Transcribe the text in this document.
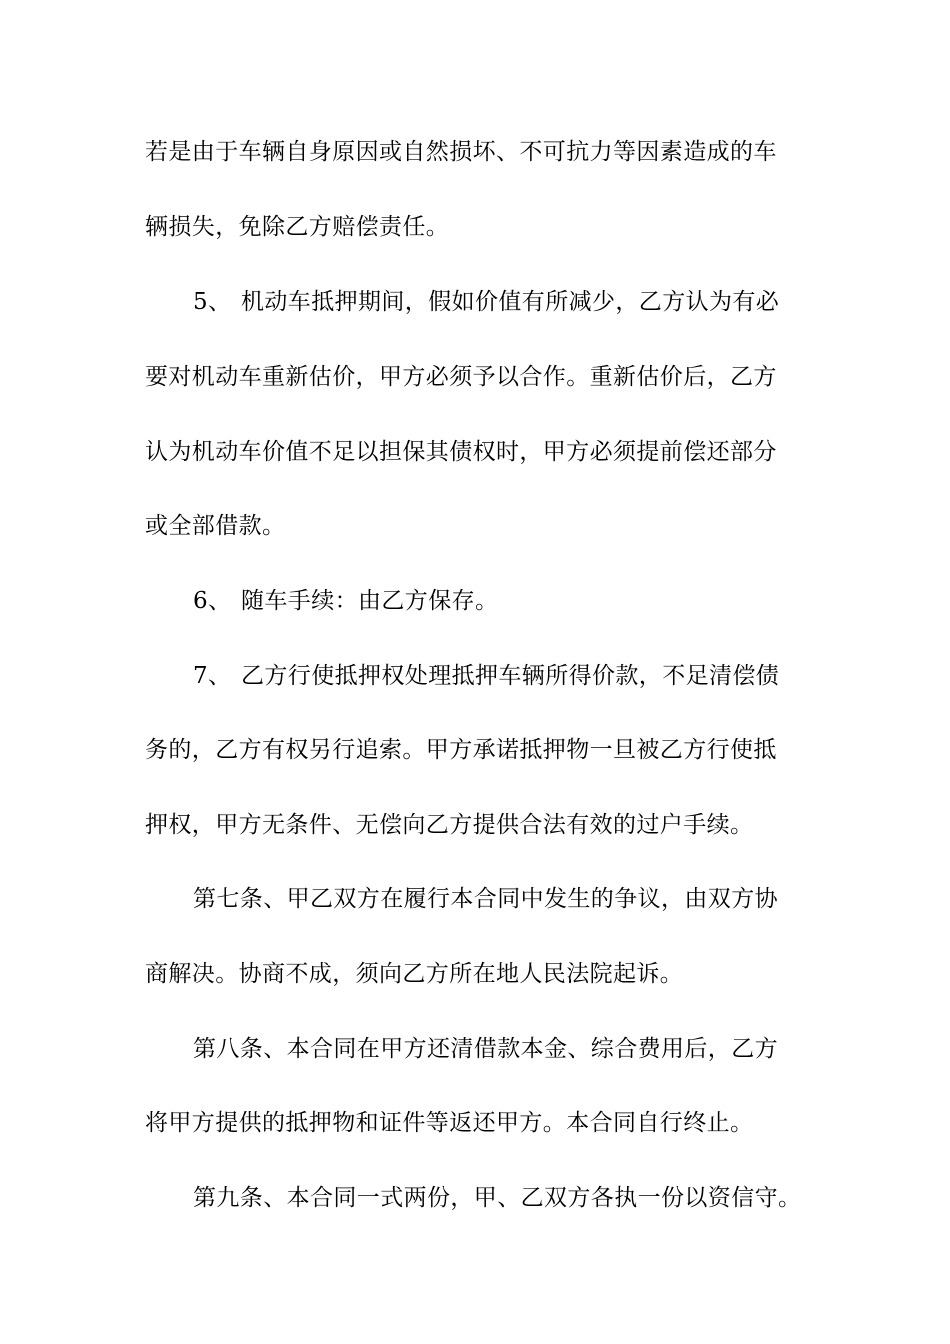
若是由于车辆自身原因或自然损坏、不可抗力等因素造成的车
辆损失，免除乙方赔偿责任。
5、 机动车抵押期间，假如价值有所减少，乙方认为有必
要对机动车重新估价，甲方必须予以合作。重新估价后，乙方
认为机动车价值不足以担保其债权时，甲方必须提前偿还部分
或全部借款。
6、 随车手续：由乙方保存。
7、 乙方行使抵押权处理抵押车辆所得价款，不足清偿债
务的，乙方有权另行追索。甲方承诺抵押物一旦被乙方行使抵
押权，甲方无条件、无偿向乙方提供合法有效的过户手续。
第七条、甲乙双方在履行本合同中发生的争议，由双方协
商解决。协商不成，须向乙方所在地人民法院起诉。
第八条、本合同在甲方还清借款本金、综合费用后，乙方
将甲方提供的抵押物和证件等返还甲方。本合同自行终止。
第九条、本合同一式两份，甲、乙双方各执一份以资信守。
